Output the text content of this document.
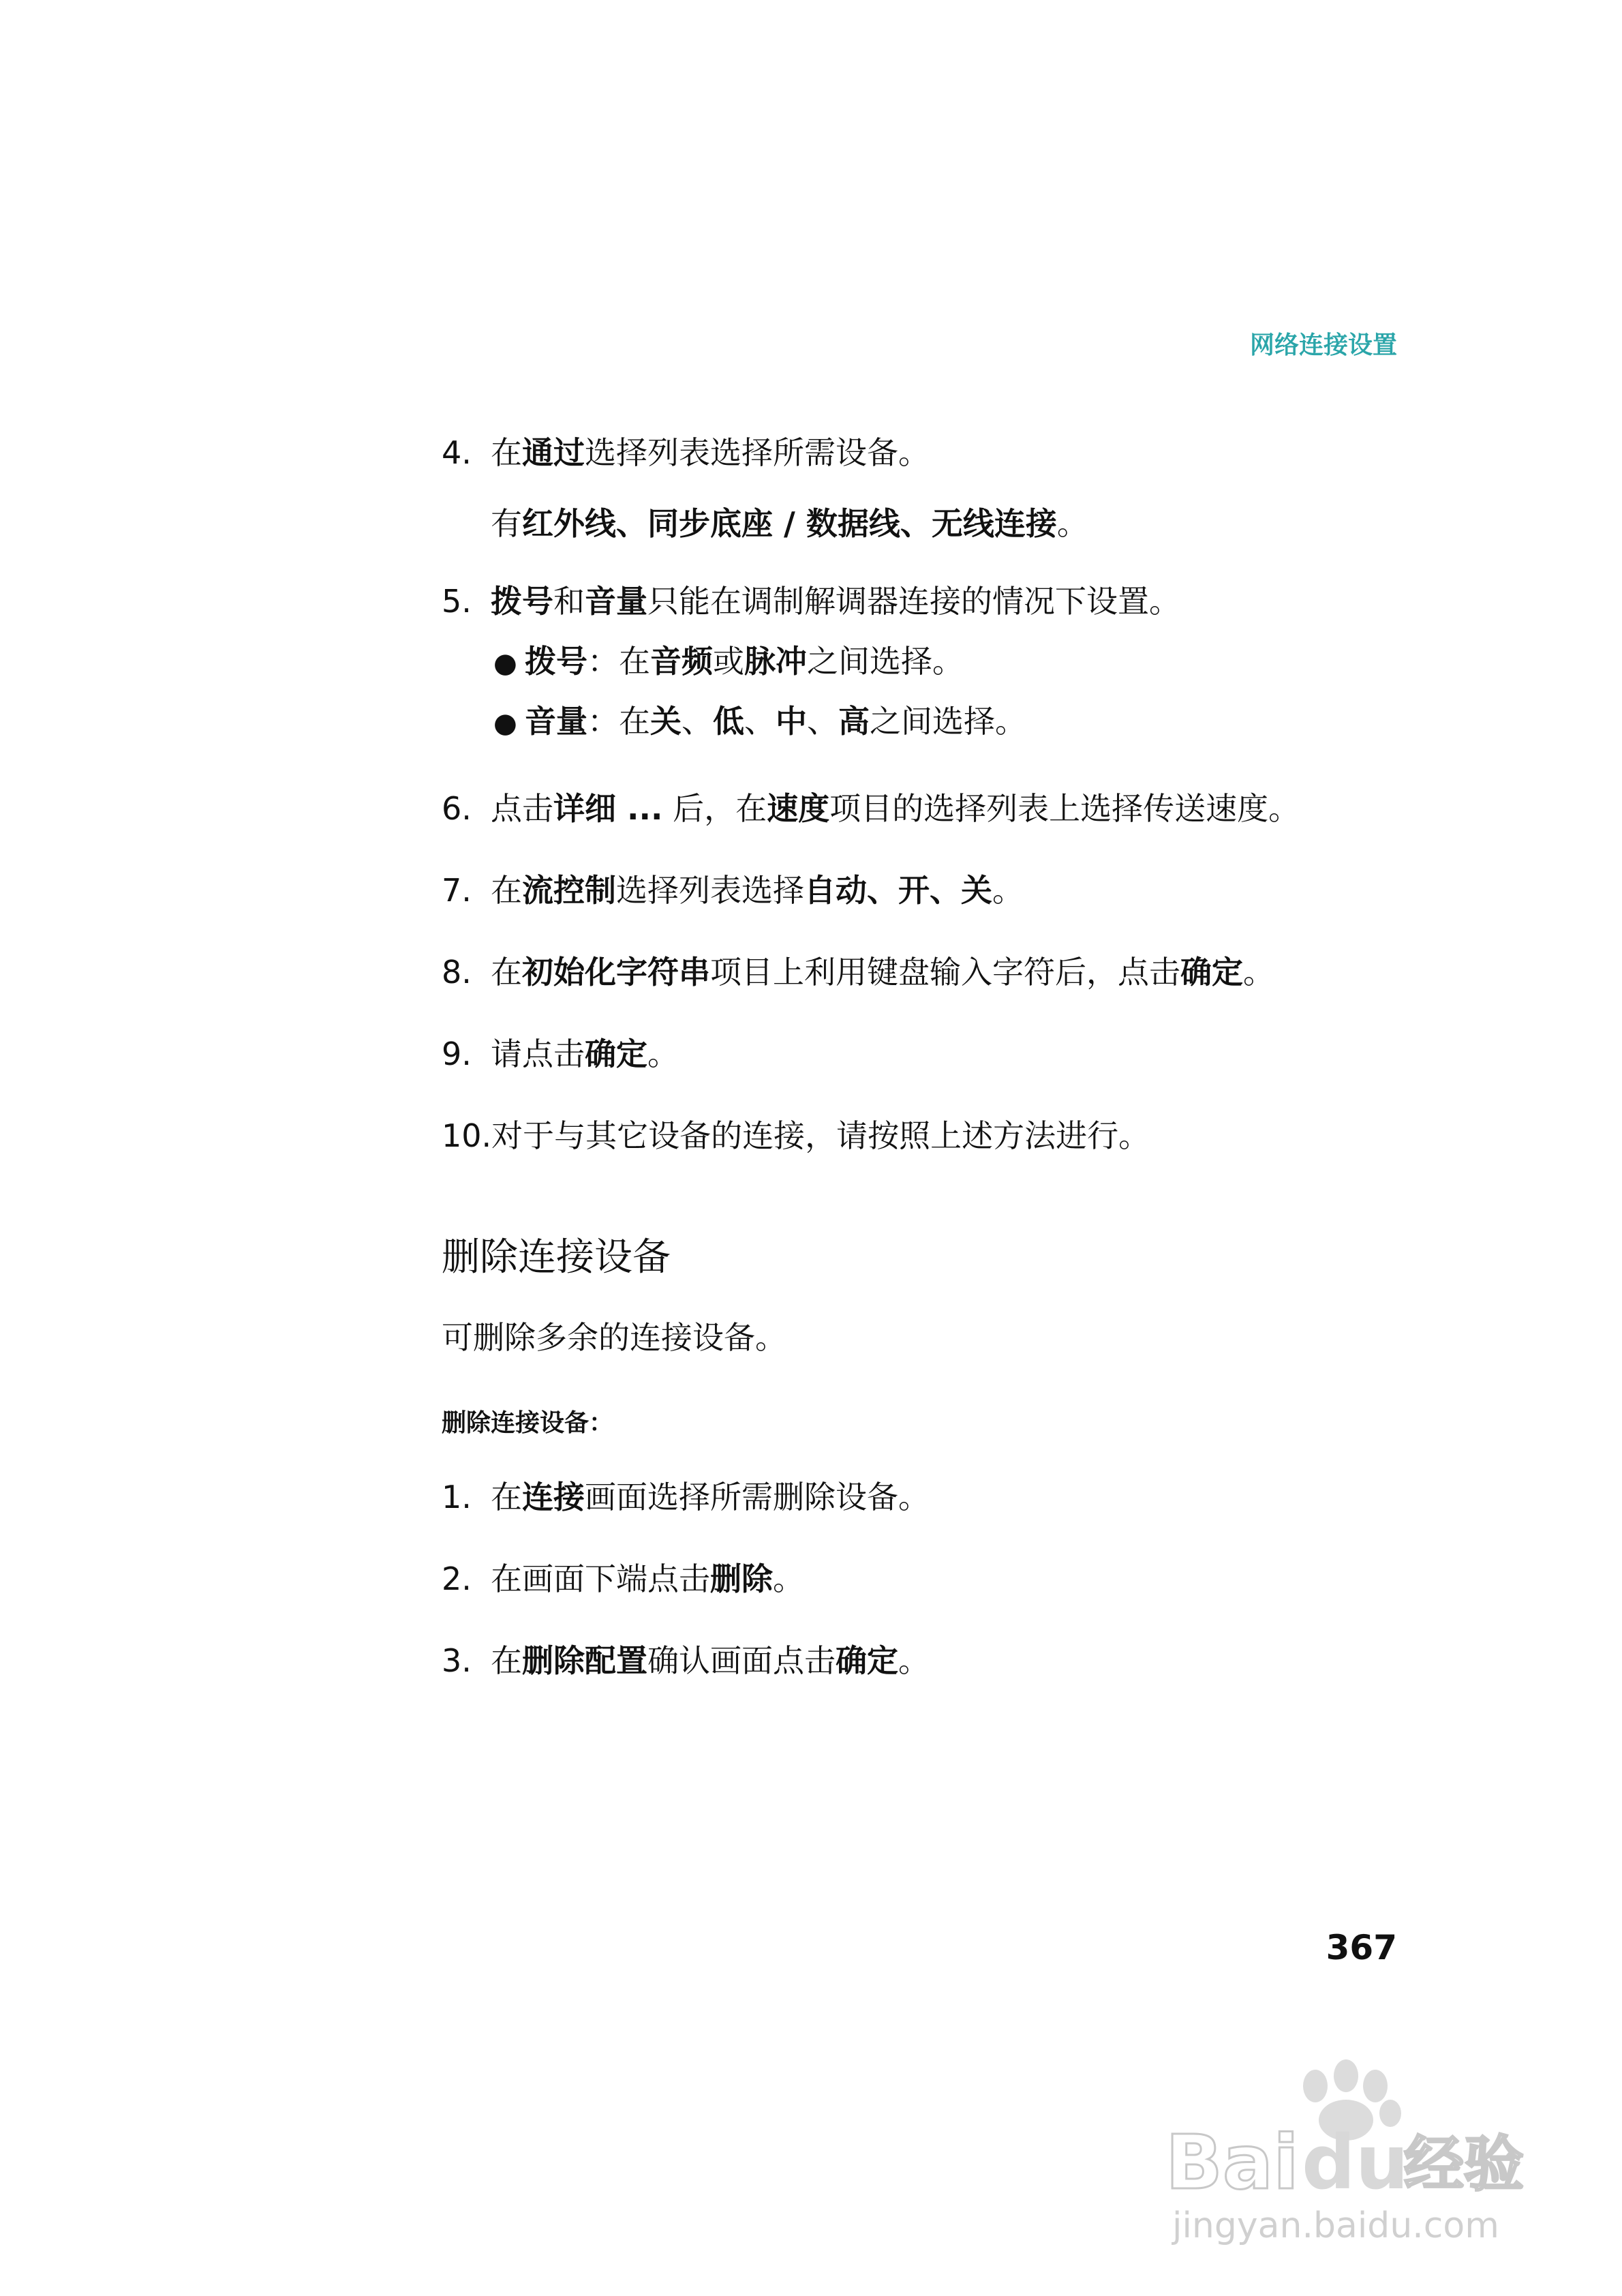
网络连接设置
4. 在通过选择列表选择所需设备。
有红外线、同步底座 / 数据线、无线连接。
5. 拨号和音量只能在调制解调器连接的情况下设置。
● 拨号：在音频或脉冲之间选择。
● 音量：在关、低、中、高之间选择。
6. 点击详细 ... 后，在速度项目的选择列表上选择传送速度。
7. 在流控制选择列表选择自动、开、关。
8. 在初始化字符串项目上利用键盘输入字符后，点击确定。
9. 请点击确定。
10.对于与其它设备的连接，请按照上述方法进行。
删除连接设备
可删除多余的连接设备。
删除连接设备：
1. 在连接画面选择所需删除设备。
2. 在画面下端点击删除。
3. 在删除配置确认画面点击确定。
367
Bai du
经验
jingyan.baidu.com
